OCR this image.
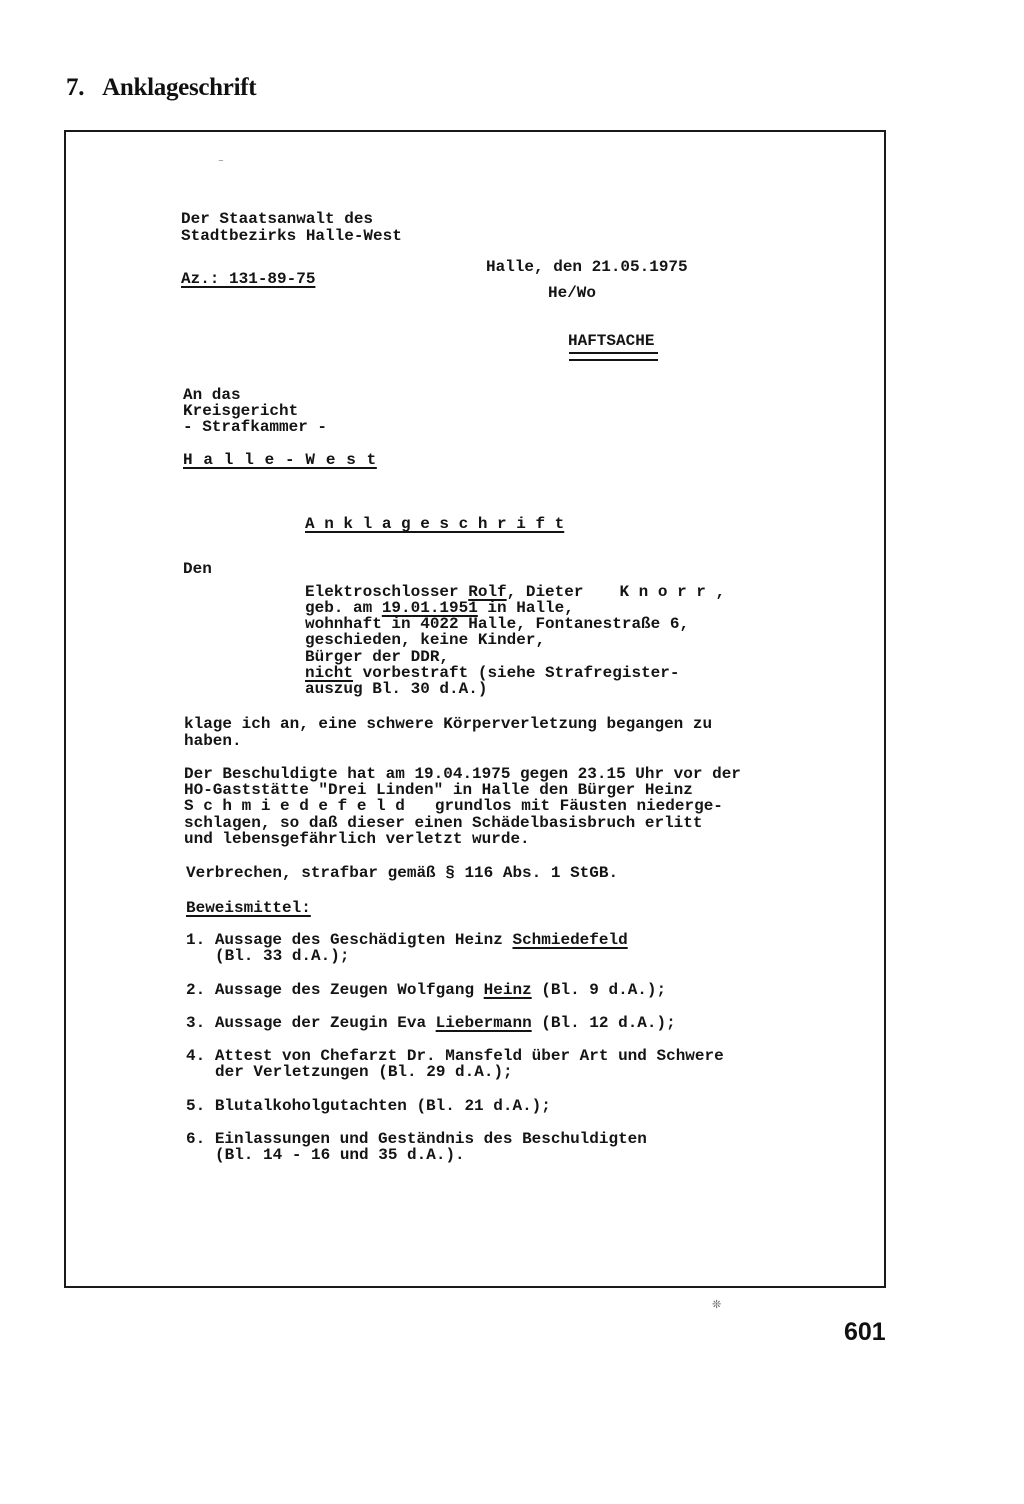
7. Anklageschrift
⁻
❊
Der Staatsanwalt des
Stadtbezirks Halle-West
Az.: 131-89-75
Halle, den 21.05.1975
He/Wo
HAFTSACHE
An das
Kreisgericht
- Strafkammer -
H a l l e - W e s t
A n k l a g e s c h r i f t
Den
Elektroschlosser Rolf, Dieter K n o r r ,
geb. am 19.01.1951 in Halle,
wohnhaft in 4022 Halle, Fontanestraße 6,
geschieden, keine Kinder,
Bürger der DDR,
nicht vorbestraft (siehe Strafregister-
auszug Bl. 30 d.A.)
klage ich an, eine schwere Körperverletzung begangen zu
haben.
Der Beschuldigte hat am 19.04.1975 gegen 23.15 Uhr vor der
HO-Gaststätte "Drei Linden" in Halle den Bürger Heinz
S c h m i e d e f e l d grundlos mit Fäusten niederge-
schlagen, so daß dieser einen Schädelbasisbruch erlitt
und lebensgefährlich verletzt wurde.
Verbrechen, strafbar gemäß § 116 Abs. 1 StGB.
Beweismittel:
1. Aussage des Geschädigten Heinz Schmiedefeld
(Bl. 33 d.A.);
2. Aussage des Zeugen Wolfgang Heinz (Bl. 9 d.A.);
3. Aussage der Zeugin Eva Liebermann (Bl. 12 d.A.);
4. Attest von Chefarzt Dr. Mansfeld über Art und Schwere
der Verletzungen (Bl. 29 d.A.);
5. Blutalkoholgutachten (Bl. 21 d.A.);
6. Einlassungen und Geständnis des Beschuldigten
(Bl. 14 - 16 und 35 d.A.).
601
